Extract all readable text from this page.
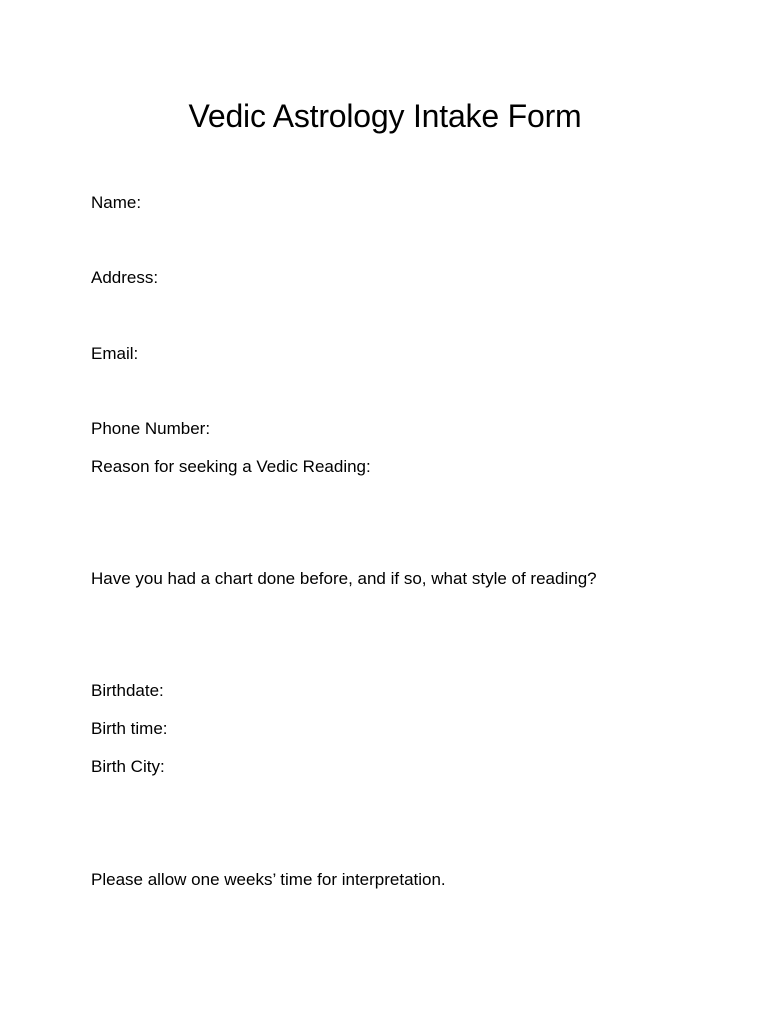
Vedic Astrology Intake Form
Name:
Address:
Email:
Phone Number:
Reason for seeking a Vedic Reading:
Have you had a chart done before, and if so, what style of reading?
Birthdate:
Birth time:
Birth City:
Please allow one weeks’ time for interpretation.
